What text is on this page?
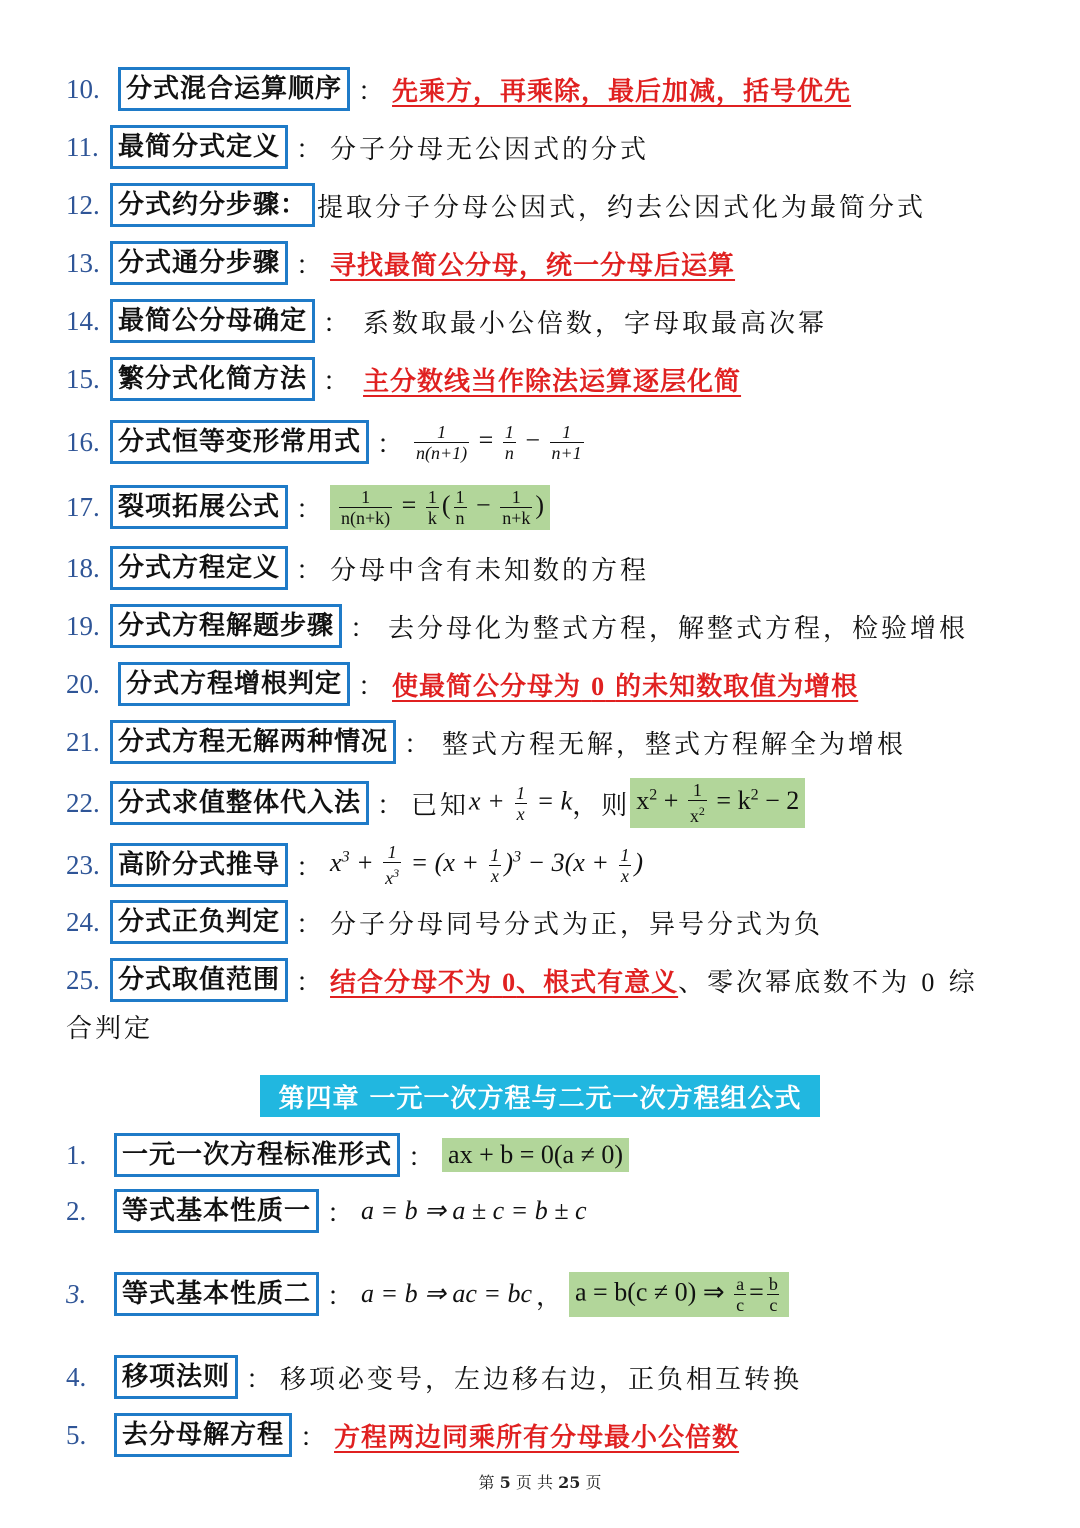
10.	分式混合运算顺序 ： 先乘方，再乘除，最后加减，括号优先
11. 最简分式定义 ： 分子分母无公因式的分式
12. 分式约分步骤： 提取分子分母公因式，约去公因式化为最简分式
13. 分式通分步骤 ： 寻找最简公分母，统一分母后运算
14. 最简公分母确定 ： 系数取最小公倍数，字母取最高次幂
15. 繁分式化简方法 ： 主分数线当作除法运算逐层化简
16. 分式恒等变形常用式 ： $\frac{1}{n(n+1)} = \frac{1}{n} - \frac{1}{n+1}$
17. 裂项拓展公式 ： $\frac{1}{n(n+k)} = \frac{1}{k}$ ( $\frac{1}{n} - \frac{1}{n+k}$ )
18. 分式方程定义 ： 分母中含有未知数的方程
19. 分式方程解题步骤 ： 去分母化为整式方程，解整式方程，检验增根
20.	分式方程增根判定 ： 使最简公分母为 0 的未知数取值为增根
21. 分式方程无解两种情况 ： 整式方程无解，整式方程解全为增根
22. 分式求值整体代入法 ： 已知 $x + \frac{1}{x} = k$ ，则 $x^2 + \frac{1}{x^2} = k^2 - 2$
23. 高阶分式推导 ： $x^3 + \frac{1}{x^3} = (x + \frac{1}{x} )^3 - 3(x + \frac{1}{x}$ )
24. 分式正负判定 ： 分子分母同号分式为正，异号分式为负
25. 分式取值范围 ： 结合分母不为 0、根式有意义 、零次幂底数不为 0 综
合判定
第四章 一元一次方程与二元一次方程组公式
1.	一元一次方程标准形式 ： ax + b = 0(a ≠ 0)
2.	等式基本性质一 ： a = b ⇒ a ± c = b ± c
3.	等式基本性质二 ： a = b ⇒ ac = bc ， a = b(c ≠ 0) ⇒ $\frac{a}{c} = \frac{b}{c}$
4.	移项法则 ： 移项必变号，左边移右边，正负相互转换
5.	去分母解方程 ： 方程两边同乘所有分母最小公倍数
第 5 页 共 25 页
